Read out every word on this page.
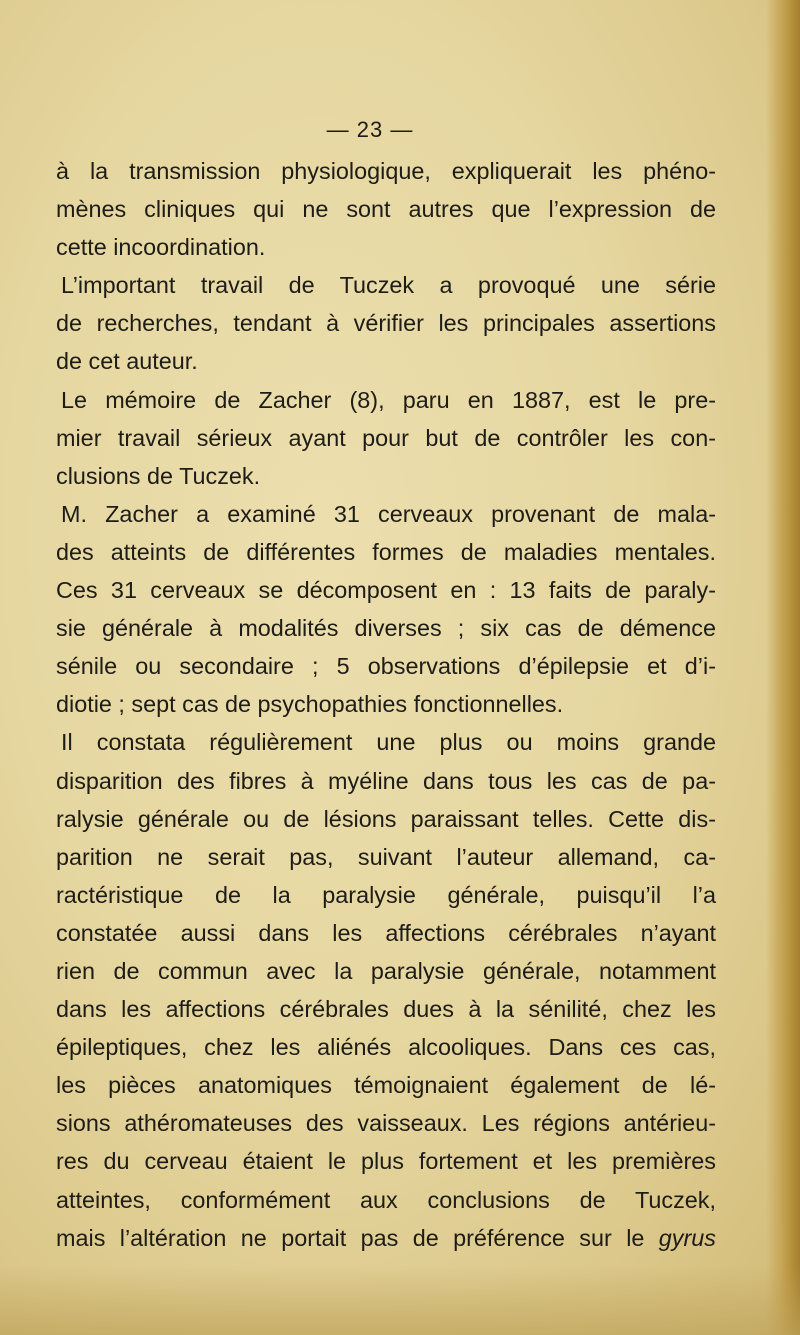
— 23 —
à la transmission physiologique, expliquerait les phéno-
mènes cliniques qui ne sont autres que l’expression de
cette incoordination.
L’important travail de Tuczek a provoqué une série
de recherches, tendant à vérifier les principales assertions
de cet auteur.
Le mémoire de Zacher (8), paru en 1887, est le pre-
mier travail sérieux ayant pour but de contrôler les con-
clusions de Tuczek.
M. Zacher a examiné 31 cerveaux provenant de mala-
des atteints de différentes formes de maladies mentales.
Ces 31 cerveaux se décomposent en : 13 faits de paraly-
sie générale à modalités diverses ; six cas de démence
sénile ou secondaire ; 5 observations d’épilepsie et d’i-
diotie ; sept cas de psychopathies fonctionnelles.
Il constata régulièrement une plus ou moins grande
disparition des fibres à myéline dans tous les cas de pa-
ralysie générale ou de lésions paraissant telles. Cette dis-
parition ne serait pas, suivant l’auteur allemand, ca-
ractéristique de la paralysie générale, puisqu’il l’a
constatée aussi dans les affections cérébrales n’ayant
rien de commun avec la paralysie générale, notamment
dans les affections cérébrales dues à la sénilité, chez les
épileptiques, chez les aliénés alcooliques. Dans ces cas,
les pièces anatomiques témoignaient également de lé-
sions athéromateuses des vaisseaux. Les régions antérieu-
res du cerveau étaient le plus fortement et les premières
atteintes, conformément aux conclusions de Tuczek,
mais l’altération ne portait pas de préférence sur le gyrus
